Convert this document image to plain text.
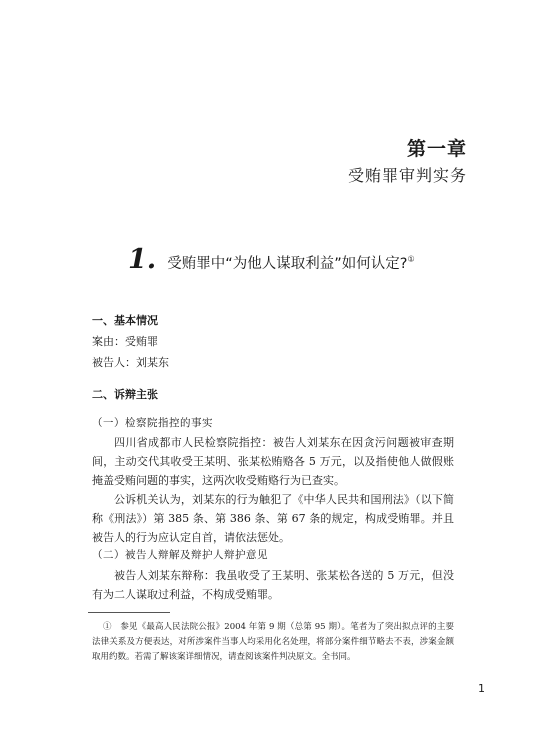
第一章
受贿罪审判实务
1. 受贿罪中“为他人谋取利益”如何认定?①
一、基本情况
案由：受贿罪
被告人：刘某东
二、诉辩主张
（一）检察院指控的事实

四川省成都市人民检察院指控：被告人刘某东在因贪污问题被审查期间，主动交代其收受王某明、张某松贿赂各 5 万元，以及指使他人做假账掩盖受贿问题的事实，这两次收受贿赂行为已查实。

公诉机关认为，刘某东的行为触犯了《中华人民共和国刑法》（以下简称《刑法》）第 385 条、第 386 条、第 67 条的规定，构成受贿罪。并且被告人的行为应认定自首，请依法惩处。

（二）被告人辩解及辩护人辩护意见

被告人刘某东辩称：我虽收受了王某明、张某松各送的 5 万元，但没有为二人谋取过利益，不构成受贿罪。

①　参见《最高人民法院公报》2004 年第 9 期（总第 95 期）。笔者为了突出拟点评的主要法律关系及方便表达，对所涉案件当事人均采用化名处理，将部分案件细节略去不表，涉案金额取用约数。若需了解该案详细情况，请查阅该案件判决原文。全书同。

1
